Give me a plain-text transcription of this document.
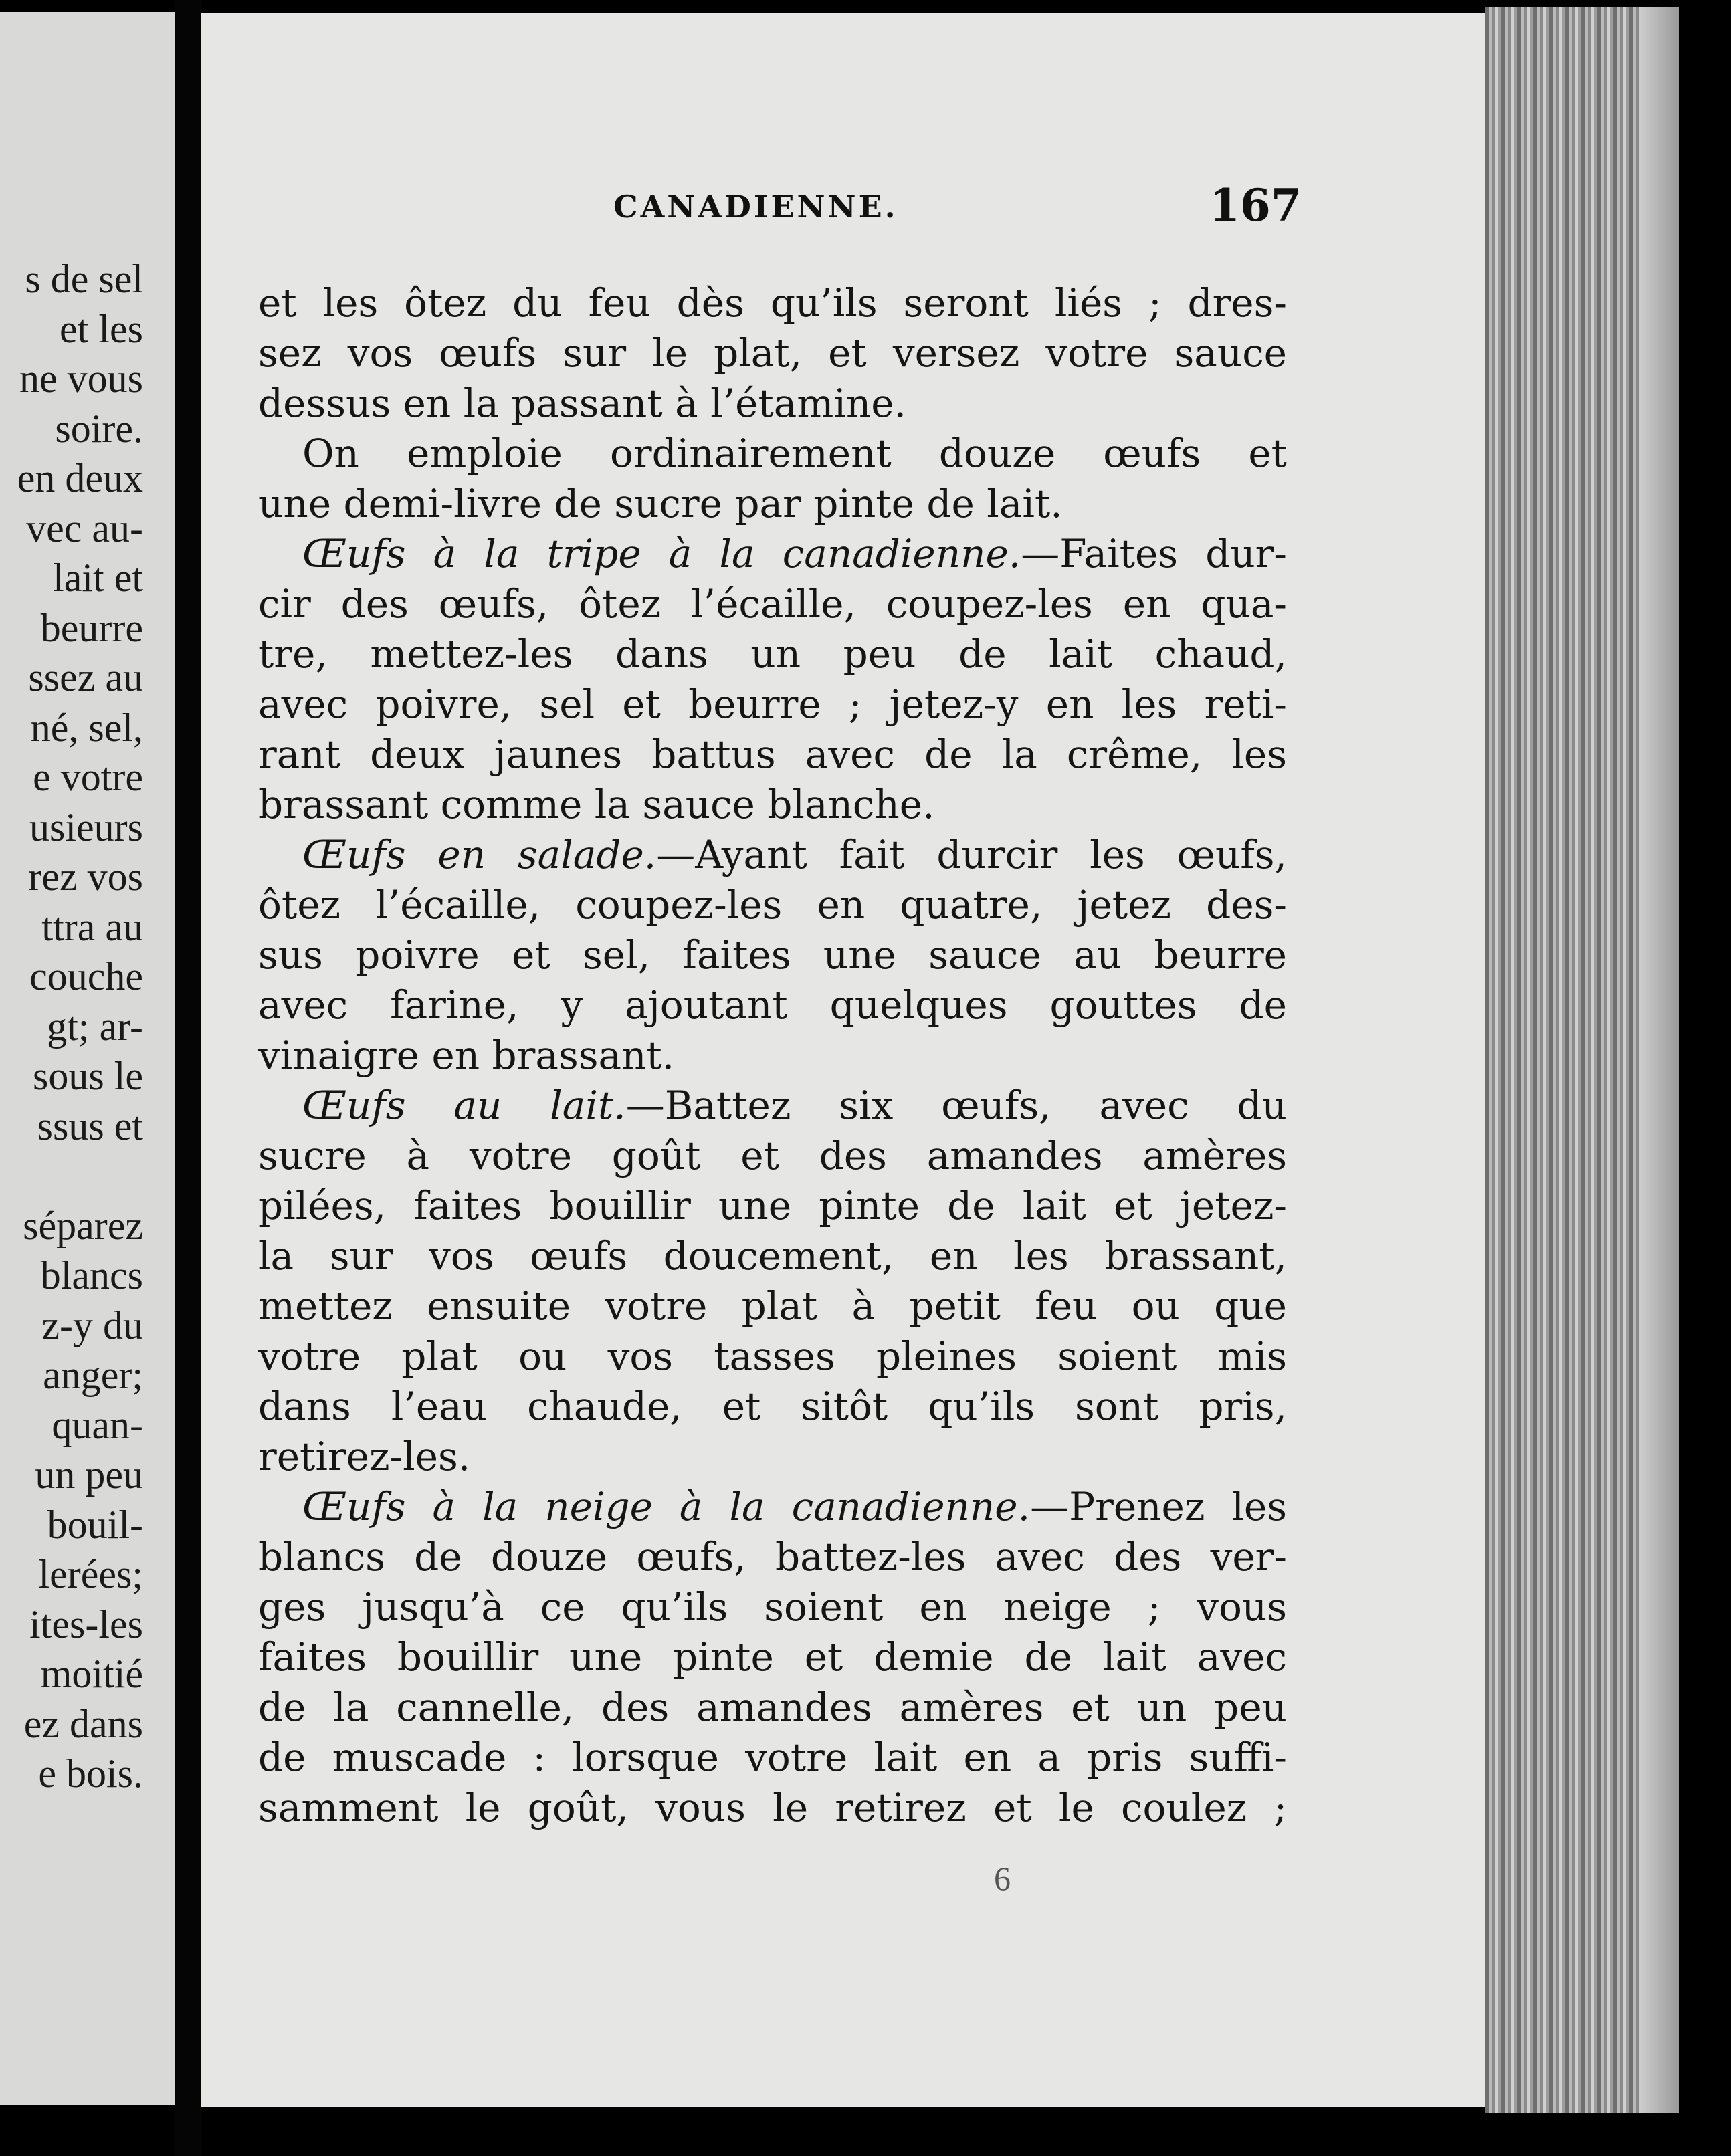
s de sel
et les
ne vous
soire.
en deux
vec au-
lait et
beurre
ssez au
né, sel,
e votre
usieurs
rez vos
ttra au
couche
gt; ar-
sous le
ssus et
séparez
blancs
z-y du
anger;
quan-
un peu
bouil-
lerées;
ites-les
moitié
ez dans
e bois.
CANADIENNE.	167
et les ôtez du feu dès qu’ils seront liés ; dres-
sez vos œufs sur le plat, et versez votre sauce
dessus en la passant à l’étamine.
On emploie ordinairement douze œufs et
une demi-livre de sucre par pinte de lait.
Œufs à la tripe à la canadienne.—Faites dur-
cir des œufs, ôtez l’écaille, coupez-les en qua-
tre, mettez-les dans un peu de lait chaud,
avec poivre, sel et beurre ; jetez-y en les reti-
rant deux jaunes battus avec de la crême, les
brassant comme la sauce blanche.
Œufs en salade.—Ayant fait durcir les œufs,
ôtez l’écaille, coupez-les en quatre, jetez des-
sus poivre et sel, faites une sauce au beurre
avec farine, y ajoutant quelques gouttes de
vinaigre en brassant.
Œufs au lait.—Battez six œufs, avec du
sucre à votre goût et des amandes amères
pilées, faites bouillir une pinte de lait et jetez-
la sur vos œufs doucement, en les brassant,
mettez ensuite votre plat à petit feu ou que
votre plat ou vos tasses pleines soient mis
dans l’eau chaude, et sitôt qu’ils sont pris,
retirez-les.
Œufs à la neige à la canadienne.—Prenez les
blancs de douze œufs, battez-les avec des ver-
ges jusqu’à ce qu’ils soient en neige ; vous
faites bouillir une pinte et demie de lait avec
de la cannelle, des amandes amères et un peu
de muscade : lorsque votre lait en a pris suffi-
samment le goût, vous le retirez et le coulez ;
6
